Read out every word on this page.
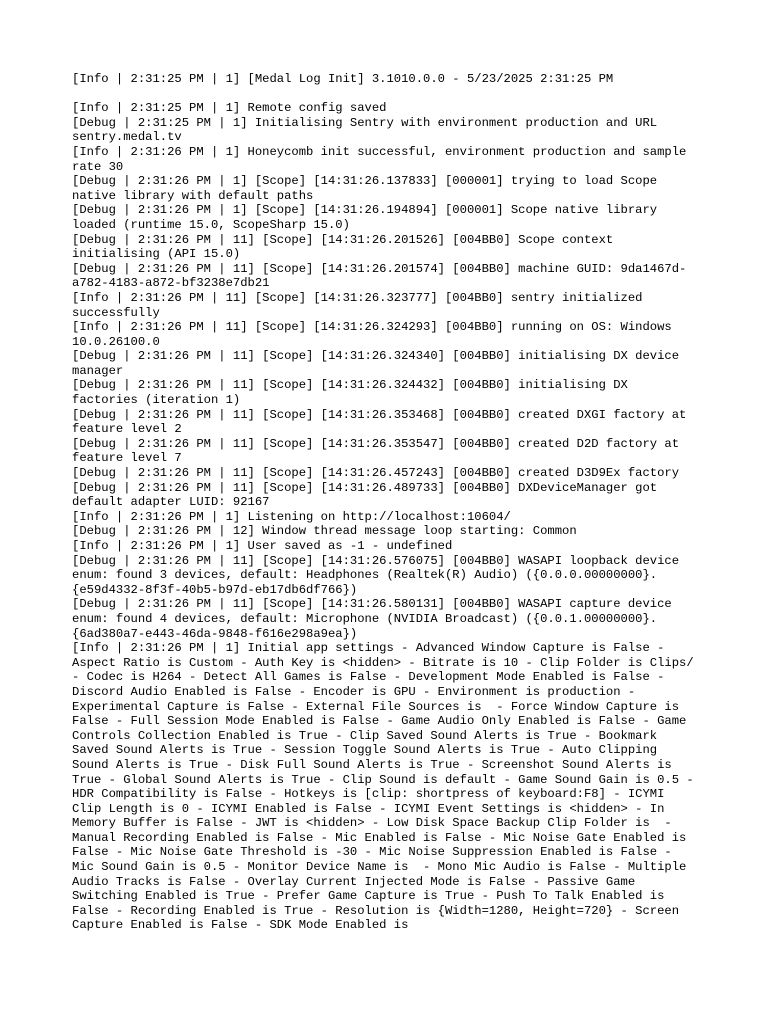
[Info | 2:31:25 PM | 1] [Medal Log Init] 3.1010.0.0 - 5/23/2025 2:31:25 PM
[Info | 2:31:25 PM | 1] Remote config saved
[Debug | 2:31:25 PM | 1] Initialising Sentry with environment production and URL sentry.medal.tv
[Info | 2:31:26 PM | 1] Honeycomb init successful, environment production and sample rate 30
[Debug | 2:31:26 PM | 1] [Scope] [14:31:26.137833] [000001] trying to load Scope native library with default paths
[Debug | 2:31:26 PM | 1] [Scope] [14:31:26.194894] [000001] Scope native library loaded (runtime 15.0, ScopeSharp 15.0)
[Debug | 2:31:26 PM | 11] [Scope] [14:31:26.201526] [004BB0] Scope context initialising (API 15.0)
[Debug | 2:31:26 PM | 11] [Scope] [14:31:26.201574] [004BB0] machine GUID: 9da1467d-a782-4183-a872-bf3238e7db21
[Info | 2:31:26 PM | 11] [Scope] [14:31:26.323777] [004BB0] sentry initialized successfully
[Info | 2:31:26 PM | 11] [Scope] [14:31:26.324293] [004BB0] running on OS: Windows 10.0.26100.0
[Debug | 2:31:26 PM | 11] [Scope] [14:31:26.324340] [004BB0] initialising DX device manager
[Debug | 2:31:26 PM | 11] [Scope] [14:31:26.324432] [004BB0] initialising DX factories (iteration 1)
[Debug | 2:31:26 PM | 11] [Scope] [14:31:26.353468] [004BB0] created DXGI factory at feature level 2
[Debug | 2:31:26 PM | 11] [Scope] [14:31:26.353547] [004BB0] created D2D factory at feature level 7
[Debug | 2:31:26 PM | 11] [Scope] [14:31:26.457243] [004BB0] created D3D9Ex factory
[Debug | 2:31:26 PM | 11] [Scope] [14:31:26.489733] [004BB0] DXDeviceManager got default adapter LUID: 92167
[Info | 2:31:26 PM | 1] Listening on http://localhost:10604/
[Debug | 2:31:26 PM | 12] Window thread message loop starting: Common
[Info | 2:31:26 PM | 1] User saved as -1 - undefined
[Debug | 2:31:26 PM | 11] [Scope] [14:31:26.576075] [004BB0] WASAPI loopback device enum: found 3 devices, default: Headphones (Realtek(R) Audio) ({0.0.0.00000000}.{e59d4332-8f3f-40b5-b97d-eb17db6df766})
[Debug | 2:31:26 PM | 11] [Scope] [14:31:26.580131] [004BB0] WASAPI capture device enum: found 4 devices, default: Microphone (NVIDIA Broadcast) ({0.0.1.00000000}.{6ad380a7-e443-46da-9848-f616e298a9ea})
[Info | 2:31:26 PM | 1] Initial app settings - Advanced Window Capture is False - Aspect Ratio is Custom - Auth Key is <hidden> - Bitrate is 10 - Clip Folder is Clips/ - Codec is H264 - Detect All Games is False - Development Mode Enabled is False - Discord Audio Enabled is False - Encoder is GPU - Environment is production - Experimental Capture is False - External File Sources is  - Force Window Capture is False - Full Session Mode Enabled is False - Game Audio Only Enabled is False - Game Controls Collection Enabled is True - Clip Saved Sound Alerts is True - Bookmark Saved Sound Alerts is True - Session Toggle Sound Alerts is True - Auto Clipping Sound Alerts is True - Disk Full Sound Alerts is True - Screenshot Sound Alerts is True - Global Sound Alerts is True - Clip Sound is default - Game Sound Gain is 0.5 - HDR Compatibility is False - Hotkeys is [clip: shortpress of keyboard:F8] - ICYMI Clip Length is 0 - ICYMI Enabled is False - ICYMI Event Settings is <hidden> - In Memory Buffer is False - JWT is <hidden> - Low Disk Space Backup Clip Folder is  - Manual Recording Enabled is False - Mic Enabled is False - Mic Noise Gate Enabled is False - Mic Noise Gate Threshold is -30 - Mic Noise Suppression Enabled is False - Mic Sound Gain is 0.5 - Monitor Device Name is  - Mono Mic Audio is False - Multiple Audio Tracks is False - Overlay Current Injected Mode is False - Passive Game Switching Enabled is True - Prefer Game Capture is True - Push To Talk Enabled is False - Recording Enabled is True - Resolution is {Width=1280, Height=720} - Screen Capture Enabled is False - SDK Mode Enabled is
